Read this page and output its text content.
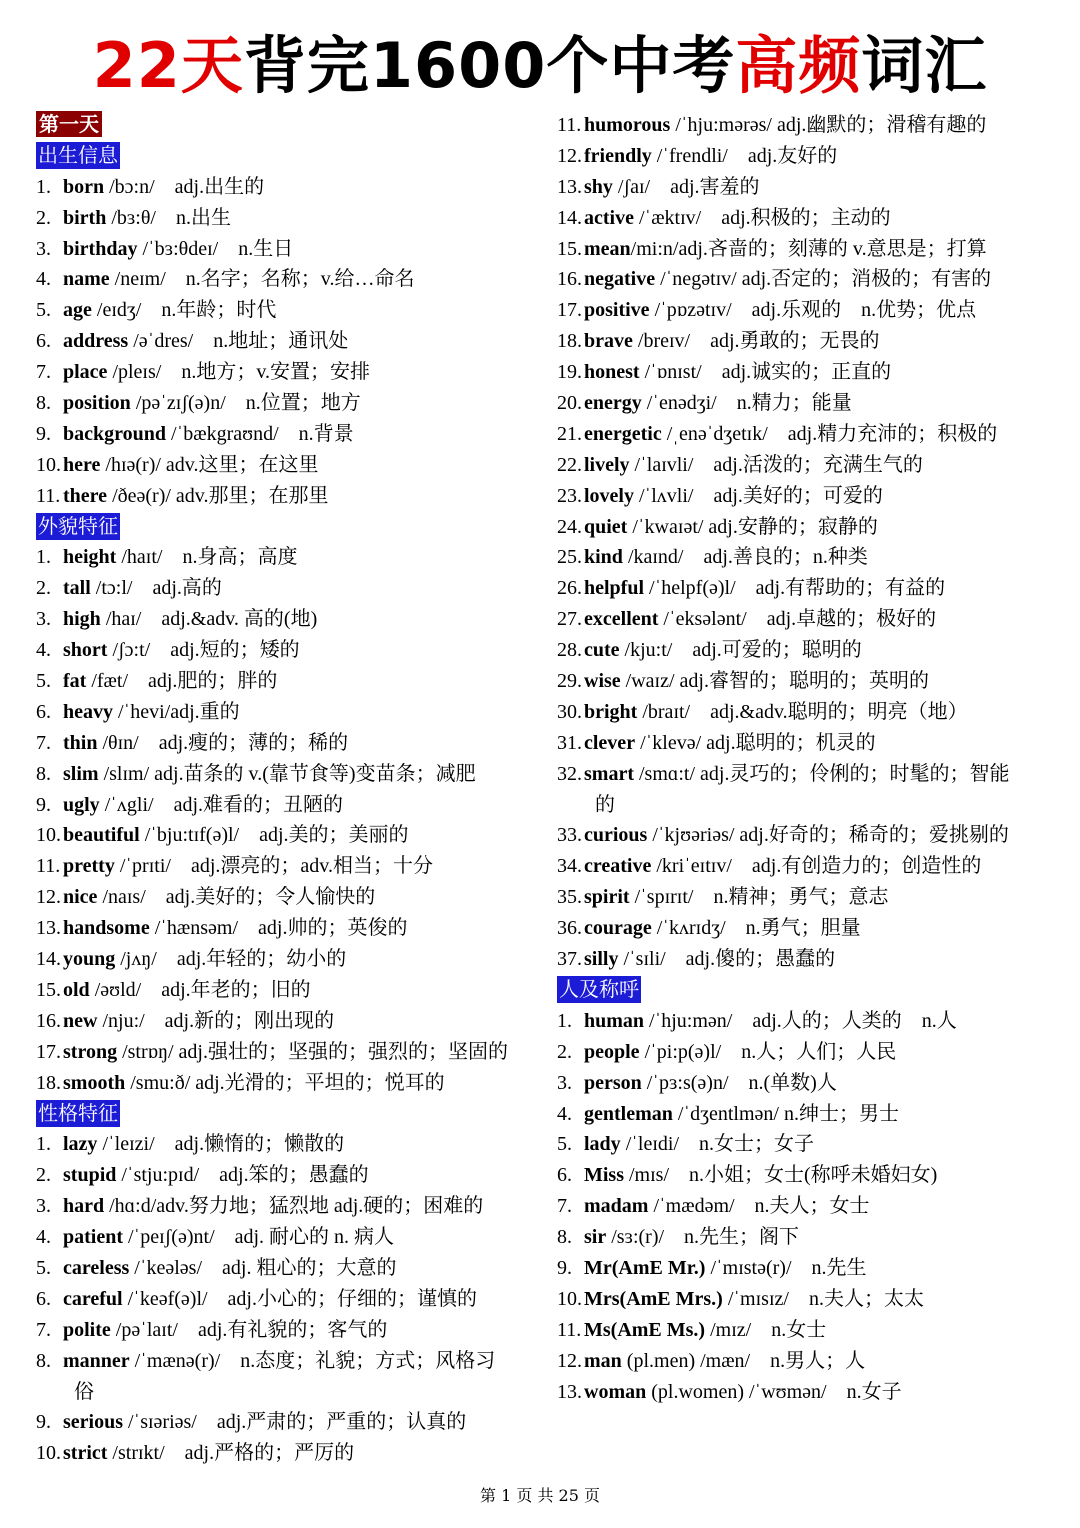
22天背完1600个中考高频词汇
第一天
出生信息
1.born /bɔ:n/    adj.出生的
2.birth /bɜ:θ/    n.出生
3.birthday /ˈbɜ:θdeɪ/    n.生日
4.name /neɪm/    n.名字；名称；v.给…命名
5.age /eɪdʒ/    n.年龄；时代
6.address /əˈdres/    n.地址；通讯处
7.place /pleɪs/    n.地方；v.安置；安排
8.position /pəˈzɪʃ(ə)n/    n.位置；地方
9.background /ˈbækgraʊnd/    n.背景
10.here /hɪə(r)/ adv.这里；在这里
11.there /ðeə(r)/ adv.那里；在那里
外貌特征
1.height /haɪt/    n.身高；高度
2.tall /tɔ:l/    adj.高的
3.high /haɪ/    adj.&adv. 高的(地)
4.short /ʃɔ:t/    adj.短的；矮的
5.fat /fæt/    adj.肥的；胖的
6.heavy /ˈhevi/adj.重的
7.thin /θɪn/    adj.瘦的；薄的；稀的
8.slim /slɪm/ adj.苗条的 v.(靠节食等)变苗条；减肥
9.ugly /ˈʌgli/    adj.难看的；丑陋的
10.beautiful /ˈbju:tɪf(ə)l/    adj.美的；美丽的
11.pretty /ˈprɪti/    adj.漂亮的；adv.相当；十分
12.nice /naɪs/    adj.美好的；令人愉快的
13.handsome /ˈhænsəm/    adj.帅的；英俊的
14.young /jʌŋ/    adj.年轻的；幼小的
15.old /əʊld/    adj.年老的；旧的
16.new /nju:/    adj.新的；刚出现的
17.strong /strɒŋ/ adj.强壮的；坚强的；强烈的；坚固的
18.smooth /smu:ð/ adj.光滑的；平坦的；悦耳的
性格特征
1.lazy /ˈleɪzi/    adj.懒惰的；懒散的
2.stupid /ˈstju:pɪd/    adj.笨的；愚蠢的
3.hard /hɑ:d/adv.努力地；猛烈地 adj.硬的；困难的
4.patient /ˈpeɪʃ(ə)nt/    adj. 耐心的 n. 病人
5.careless /ˈkeələs/    adj. 粗心的；大意的
6.careful /ˈkeəf(ə)l/    adj.小心的；仔细的；谨慎的
7.polite /pəˈlaɪt/    adj.有礼貌的；客气的
8.manner /ˈmænə(r)/    n.态度；礼貌；方式；风格习
俗
9.serious /ˈsɪəriəs/    adj.严肃的；严重的；认真的
10.strict /strɪkt/    adj.严格的；严厉的
11.humorous /ˈhju:mərəs/ adj.幽默的；滑稽有趣的
12.friendly /ˈfrendli/    adj.友好的
13.shy /ʃaɪ/    adj.害羞的
14.active /ˈæktɪv/    adj.积极的；主动的
15.mean/mi:n/adj.吝啬的；刻薄的 v.意思是；打算
16.negative /ˈnegətɪv/ adj.否定的；消极的；有害的
17.positive /ˈpɒzətɪv/    adj.乐观的    n.优势；优点
18.brave /breɪv/    adj.勇敢的；无畏的
19.honest /ˈɒnɪst/    adj.诚实的；正直的
20.energy /ˈenədʒi/    n.精力；能量
21.energetic /ˌenəˈdʒetɪk/    adj.精力充沛的；积极的
22.lively /ˈlaɪvli/    adj.活泼的；充满生气的
23.lovely /ˈlʌvli/    adj.美好的；可爱的
24.quiet /ˈkwaɪət/ adj.安静的；寂静的
25.kind /kaɪnd/    adj.善良的；n.种类
26.helpful /ˈhelpf(ə)l/    adj.有帮助的；有益的
27.excellent /ˈeksələnt/    adj.卓越的；极好的
28.cute /kju:t/    adj.可爱的；聪明的
29.wise /waɪz/ adj.睿智的；聪明的；英明的
30.bright /braɪt/    adj.&adv.聪明的；明亮（地）
31.clever /ˈklevə/ adj.聪明的；机灵的
32.smart /smɑ:t/ adj.灵巧的；伶俐的；时髦的；智能
的
33.curious /ˈkjʊəriəs/ adj.好奇的；稀奇的；爱挑剔的
34.creative /kriˈeɪtɪv/    adj.有创造力的；创造性的
35.spirit /ˈspɪrɪt/    n.精神；勇气；意志
36.courage /ˈkʌrɪdʒ/    n.勇气；胆量
37.silly /ˈsɪli/    adj.傻的；愚蠢的
人及称呼
1.human /ˈhju:mən/    adj.人的；人类的    n.人
2.people /ˈpi:p(ə)l/    n.人；人们；人民
3.person /ˈpɜ:s(ə)n/    n.(单数)人
4.gentleman /ˈdʒentlmən/ n.绅士；男士
5.lady /ˈleɪdi/    n.女士；女子
6.Miss /mɪs/    n.小姐；女士(称呼未婚妇女)
7.madam /ˈmædəm/    n.夫人；女士
8.sir /sɜ:(r)/    n.先生；阁下
9.Mr(AmE Mr.) /ˈmɪstə(r)/    n.先生
10.Mrs(AmE Mrs.) /ˈmɪsɪz/    n.夫人；太太
11.Ms(AmE Ms.) /mɪz/    n.女士
12.man (pl.men) /mæn/    n.男人；人
13.woman (pl.women) /ˈwʊmən/    n.女子
第 1 页 共 25 页
